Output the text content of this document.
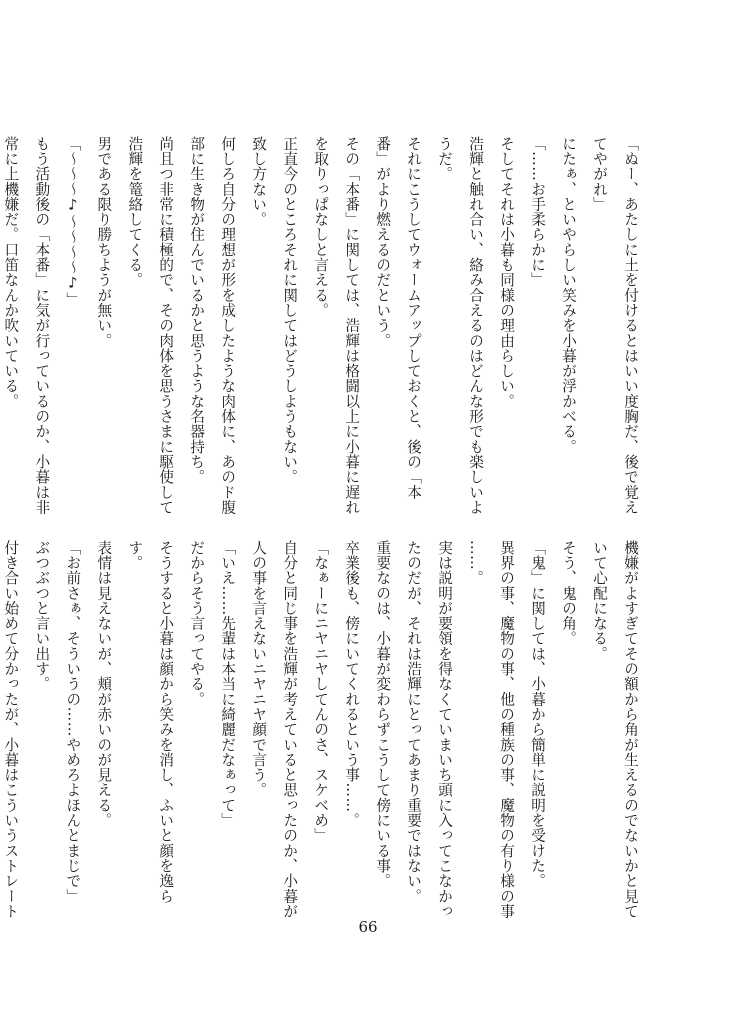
「ぬー、あたしに土を付けるとはいい度胸だ、後で覚え
てやがれ」
にたぁ、といやらしい笑みを小暮が浮かべる。
「……お手柔らかに」
そしてそれは小暮も同様の理由らしい。
浩輝と触れ合い、絡み合えるのはどんな形でも楽しいよ
うだ。
それにこうしてウォームアップしておくと、後の「本
番」がより燃えるのだという。
その「本番」に関しては、浩輝は格闘以上に小暮に遅れ
を取りっぱなしと言える。
正直今のところそれに関してはどうしようもない。
致し方ない。
何しろ自分の理想が形を成したような肉体に、あのド腹
部に生き物が住んでいるかと思うような名器持ち。
尚且つ非常に積極的で、その肉体を思うさまに駆使して
浩輝を篭絡してくる。
男である限り勝ちようが無い。
「～～～♪～～～～♪」
もう活動後の「本番」に気が行っているのか、小暮は非
常に上機嫌だ。口笛なんか吹いている。
機嫌がよすぎてその額から角が生えるのでないかと見て
いて心配になる。
そう、鬼の角。
「鬼」に関しては、小暮から簡単に説明を受けた。
異界の事、魔物の事、他の種族の事、魔物の有り様の事
……。
実は説明が要領を得なくていまいち頭に入ってこなかっ
たのだが、それは浩輝にとってあまり重要ではない。
重要なのは、小暮が変わらずこうして傍にいる事。
卒業後も、傍にいてくれるという事……。
「なぁーにニヤニヤしてんのさ、スケベめ」
自分と同じ事を浩輝が考えていると思ったのか、小暮が
人の事を言えないニヤニヤ顔で言う。
「いえ……先輩は本当に綺麗だなぁって」
だからそう言ってやる。
そうすると小暮は顔から笑みを消し、ふいと顔を逸ら
す。
表情は見えないが、頬が赤いのが見える。
「お前さぁ、そういうの……やめろよほんとまじで」
ぶつぶつと言い出す。
付き合い始めて分かったが、小暮はこういうストレート
66
